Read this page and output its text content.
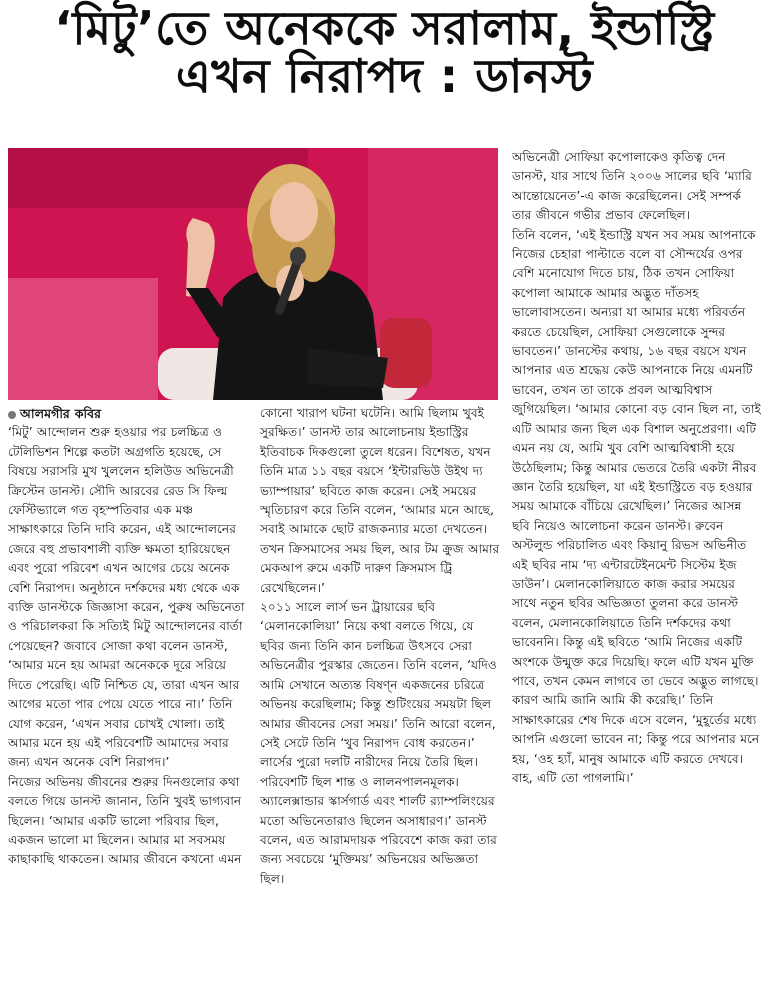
‘মিটু’তে অনেককে সরালাম, ইন্ডাস্ট্রি
এখন নিরাপদ : ডানস্ট

আলমগীর কবির

‘মিটু’ আন্দোলন শুরু হওয়ার পর চলচ্চিত্র ও টেলিভিশন শিল্পে কতটা অগ্রগতি হয়েছে, সে বিষয়ে সরাসরি মুখ খুললেন হলিউড অভিনেত্রী ক্রিস্টেন ডানস্ট। সৌদি আরবের রেড সি ফিল্ম ফেস্টিভ্যালে গত বৃহস্পতিবার এক মঞ্চ সাক্ষাৎকারে তিনি দাবি করেন, এই আন্দোলনের জেরে বহু প্রভাবশালী ব্যক্তি ক্ষমতা হারিয়েছেন এবং পুরো পরিবেশ এখন আগের চেয়ে অনেক বেশি নিরাপদ। অনুষ্ঠানে দর্শকদের মধ্য থেকে এক ব্যক্তি ডানস্টকে জিজ্ঞাসা করেন, পুরুষ অভিনেতা ও পরিচালকরা কি সত্যিই মিটু আন্দোলনের বার্তা পেয়েছেন? জবাবে সোজা কথা বলেন ডানস্ট, ‘আমার মনে হয় আমরা অনেককে দূরে সরিয়ে দিতে পেরেছি। এটি নিশ্চিত যে, তারা এখন আর আগের মতো পার পেয়ে যেতে পারে না।’ তিনি যোগ করেন, ‘এখন সবার চোখই খোলা। তাই আমার মনে হয় এই পরিবেশটি আমাদের সবার জন্য এখন অনেক বেশি নিরাপদ।’

নিজের অভিনয় জীবনের শুরুর দিনগুলোর কথা বলতে গিয়ে ডানস্ট জানান, তিনি খুবই ভাগ্যবান ছিলেন। ‘আমার একটি ভালো পরিবার ছিল, একজন ভালো মা ছিলেন। আমার মা সবসময় কাছাকাছি থাকতেন। আমার জীবনে কখনো এমন

কোনো খারাপ ঘটনা ঘটেনি। আমি ছিলাম খুবই সুরক্ষিত।’ ডানস্ট তার আলোচনায় ইন্ডাস্ট্রির ইতিবাচক দিকগুলো তুলে ধরেন। বিশেষত, যখন তিনি মাত্র ১১ বছর বয়সে ‘ইন্টারভিউ উইথ দ্য ভ্যাম্পায়ার’ ছবিতে কাজ করেন। সেই সময়ের স্মৃতিচারণ করে তিনি বলেন, ‘আমার মনে আছে, সবাই আমাকে ছোট রাজকন্যার মতো দেখতেন। তখন ক্রিসমাসের সময় ছিল, আর টম ক্রুজ আমার মেকআপ রুমে একটি দারুণ ক্রিসমাস ট্রি রেখেছিলেন।’

২০১১ সালে লার্স ভন ট্রায়ারের ছবি ‘মেলানকোলিয়া’ নিয়ে কথা বলতে গিয়ে, যে ছবির জন্য তিনি কান চলচ্চিত্র উৎসবে সেরা অভিনেত্রীর পুরস্কার জেতেন। তিনি বলেন, ‘যদিও আমি সেখানে অত্যন্ত বিষণ্ন একজনের চরিত্রে অভিনয় করেছিলাম; কিন্তু শুটিংয়ের সময়টা ছিল আমার জীবনের সেরা সময়।’ তিনি আরো বলেন, সেই সেটে তিনি ‘খুব নিরাপদ বোধ করতেন।’ লার্সের পুরো দলটি নারীদের নিয়ে তৈরি ছিল। পরিবেশটি ছিল শান্ত ও লালনপালনমূলক। অ্যালেক্সান্ডার স্কার্সগার্ড এবং শার্লট র‍্যাম্পলিংয়ের মতো অভিনেতারাও ছিলেন অসাধারণ।’ ডানস্ট বলেন, এত আরামদায়ক পরিবেশে কাজ করা তার জন্য সবচেয়ে ‘মুক্তিময়’ অভিনয়ের অভিজ্ঞতা ছিল।

অভিনেত্রী সোফিয়া কপোলাকেও কৃতিত্ব দেন ডানস্ট, যার সাথে তিনি ২০০৬ সালের ছবি ‘ম্যারি আন্তোয়েনেত’-এ কাজ করেছিলেন। সেই সম্পর্ক তার জীবনে গভীর প্রভাব ফেলেছিল।

তিনি বলেন, ‘এই ইন্ডাস্ট্রি যখন সব সময় আপনাকে নিজের চেহারা পাল্টাতে বলে বা সৌন্দর্যের ওপর বেশি মনোযোগ দিতে চায়, ঠিক তখন সোফিয়া কপোলা আমাকে আমার অদ্ভুত দাঁতসহ ভালোবাসতেন। অন্যরা যা আমার মধ্যে পরিবর্তন করতে চেয়েছিল, সোফিয়া সেগুলোকে সুন্দর ভাবতেন।’ ডানস্টের কথায়, ১৬ বছর বয়সে যখন আপনার এত শ্রদ্ধেয় কেউ আপনাকে নিয়ে এমনটি ভাবেন, তখন তা তাকে প্রবল আত্মবিশ্বাস জুগিয়েছিল। ‘আমার কোনো বড় বোন ছিল না, তাই এটি আমার জন্য ছিল এক বিশাল অনুপ্রেরণা। এটি এমন নয় যে, আমি খুব বেশি আত্মবিশ্বাসী হয়ে উঠেছিলাম; কিন্তু আমার ভেতরে তৈরি একটা নীরব জ্ঞান তৈরি হয়েছিল, যা এই ইন্ডাস্ট্রিতে বড় হওয়ার সময় আমাকে বাঁচিয়ে রেখেছিল।’ নিজের আসন্ন ছবি নিয়েও আলোচনা করেন ডানস্ট। রুবেন অস্টলুন্ড পরিচালিত এবং কিয়ানু রিভস অভিনীত এই ছবির নাম ‘দ্য এন্টারটেইনমেন্ট সিস্টেম ইজ ডাউন’। মেলানকোলিয়াতে কাজ করার সময়ের সাথে নতুন ছবির অভিজ্ঞতা তুলনা করে ডানস্ট বলেন, মেলানকোলিয়াতে তিনি দর্শকদের কথা ভাবেননি। কিন্তু এই ছবিতে ‘আমি নিজের একটি অংশকে উন্মুক্ত করে দিয়েছি। ফলে এটি যখন মুক্তি পাবে, তখন কেমন লাগবে তা ভেবে অদ্ভুত লাগছে। কারণ আমি জানি আমি কী করেছি।’ তিনি সাক্ষাৎকারের শেষ দিকে এসে বলেন, ‘মুহূর্তের মধ্যে আপনি এগুলো ভাবেন না; কিন্তু পরে আপনার মনে হয়, ‘ওহ হ্যাঁ, মানুষ আমাকে এটি করতে দেখবে। বাহ, এটি তো পাগলামি।’
